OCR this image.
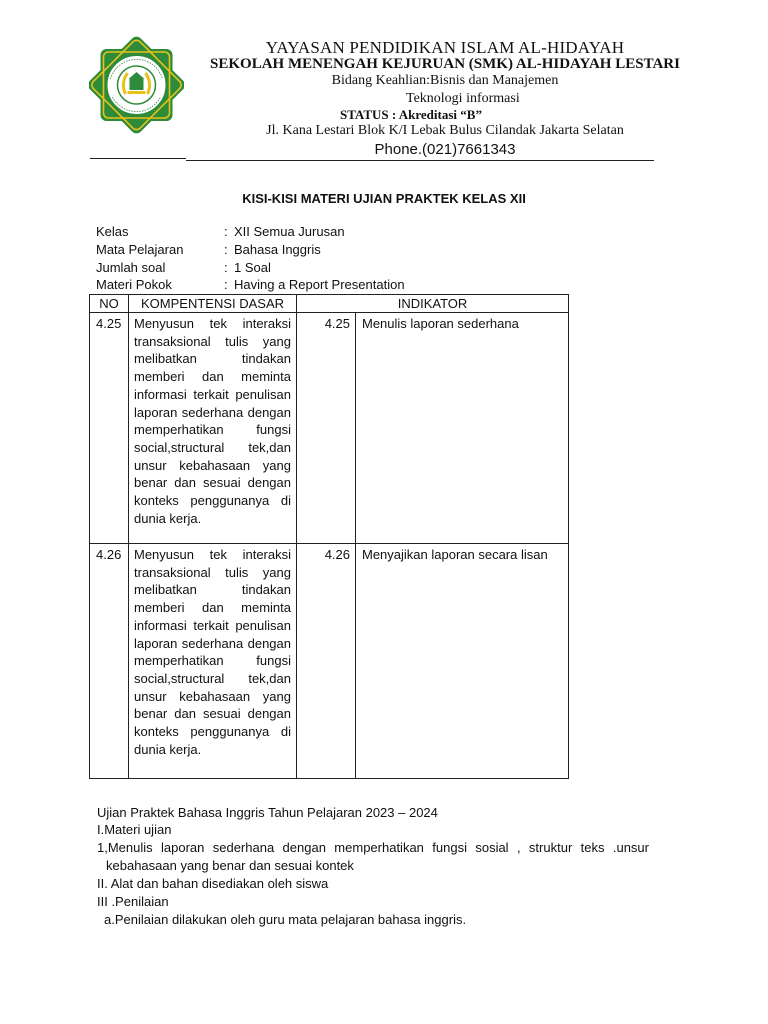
YAYASAN PENDIDIKAN ISLAM AL-HIDAYAH
SEKOLAH MENENGAH KEJURUAN (SMK) AL-HIDAYAH LESTARI
Bidang Keahlian:Bisnis dan Manajemen
Teknologi informasi
STATUS : Akreditasi “B”
Jl. Kana Lestari Blok K/I Lebak Bulus Cilandak Jakarta Selatan
Phone.(021)7661343
KISI-KISI MATERI UJIAN PRAKTEK KELAS XII
Kelas	: XII Semua Jurusan
Mata Pelajaran	: Bahasa Inggris
Jumlah soal	: 1 Soal
Materi Pokok	: Having a Report Presentation
NO	KOMPENTENSI DASAR	INDIKATOR	
4.25	Menyusun tek interaksi transaksional tulis yang melibatkan tindakan memberi dan meminta informasi terkait penulisan laporan sederhana dengan memperhatikan fungsi social,structural tek,dan unsur kebahasaan yang benar dan sesuai dengan konteks penggunanya di dunia kerja.	4.25	Menulis laporan sederhana
4.26	Menyusun tek interaksi transaksional tulis yang melibatkan tindakan memberi dan meminta informasi terkait penulisan laporan sederhana dengan memperhatikan fungsi social,structural tek,dan unsur kebahasaan yang benar dan sesuai dengan konteks penggunanya di dunia kerja.	4.26	Menyajikan laporan secara lisan
Ujian Praktek Bahasa Inggris Tahun Pelajaran 2023 – 2024
I.Materi ujian
1,Menulis laporan sederhana dengan memperhatikan fungsi sosial , struktur teks .unsur
kebahasaan yang benar dan sesuai kontek
II. Alat dan bahan disediakan oleh siswa
III .Penilaian
a.Penilaian dilakukan oleh guru mata pelajaran bahasa inggris.
